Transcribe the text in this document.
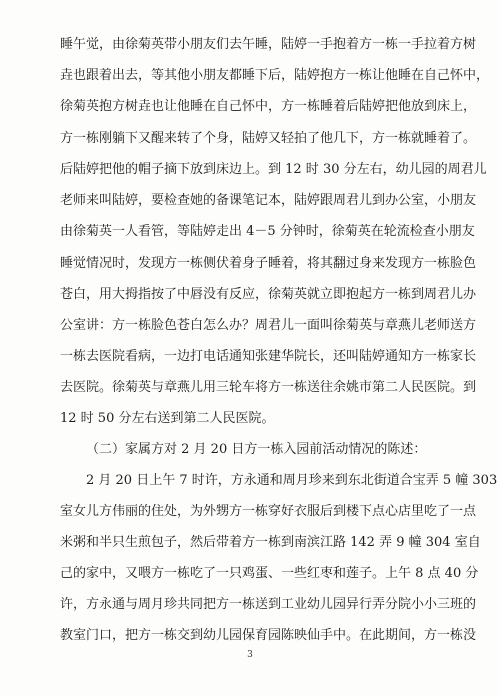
睡午觉，由徐菊英带小朋友们去午睡，陆婷一手抱着方一栋一手拉着方树
垚也跟着出去，等其他小朋友都睡下后，陆婷抱方一栋让他睡在自己怀中，
徐菊英抱方树垚也让他睡在自己怀中，方一栋睡着后陆婷把他放到床上，
方一栋刚躺下又醒来转了个身，陆婷又轻拍了他几下，方一栋就睡着了。
后陆婷把他的帽子摘下放到床边上。到 12 时 30 分左右，幼儿园的周君儿
老师来叫陆婷，要检查她的备课笔记本，陆婷跟周君儿到办公室，小朋友
由徐菊英一人看管，等陆婷走出 4－5 分钟时，徐菊英在轮流检查小朋友
睡觉情况时，发现方一栋侧伏着身子睡着，将其翻过身来发现方一栋脸色
苍白，用大拇指按了中唇没有反应，徐菊英就立即抱起方一栋到周君儿办
公室讲：方一栋脸色苍白怎么办？周君儿一面叫徐菊英与章燕儿老师送方
一栋去医院看病，一边打电话通知张建华院长，还叫陆婷通知方一栋家长
去医院。徐菊英与章燕儿用三轮车将方一栋送往余姚市第二人民医院。到
12 时 50 分左右送到第二人民医院。
（二）家属方对 2 月 20 日方一栋入园前活动情况的陈述：
2 月 20 日上午 7 时许，方永通和周月珍来到东北街道合宝弄 5 幢 303
室女儿方伟丽的住处，为外甥方一栋穿好衣服后到楼下点心店里吃了一点
米粥和半只生煎包子，然后带着方一栋到南滨江路 142 弄 9 幢 304 室自
己的家中，又喂方一栋吃了一只鸡蛋、一些红枣和莲子。上午 8 点 40 分
许，方永通与周月珍共同把方一栋送到工业幼儿园异行弄分院小小三班的
教室门口，把方一栋交到幼儿园保育园陈映仙手中。在此期间，方一栋没
3
